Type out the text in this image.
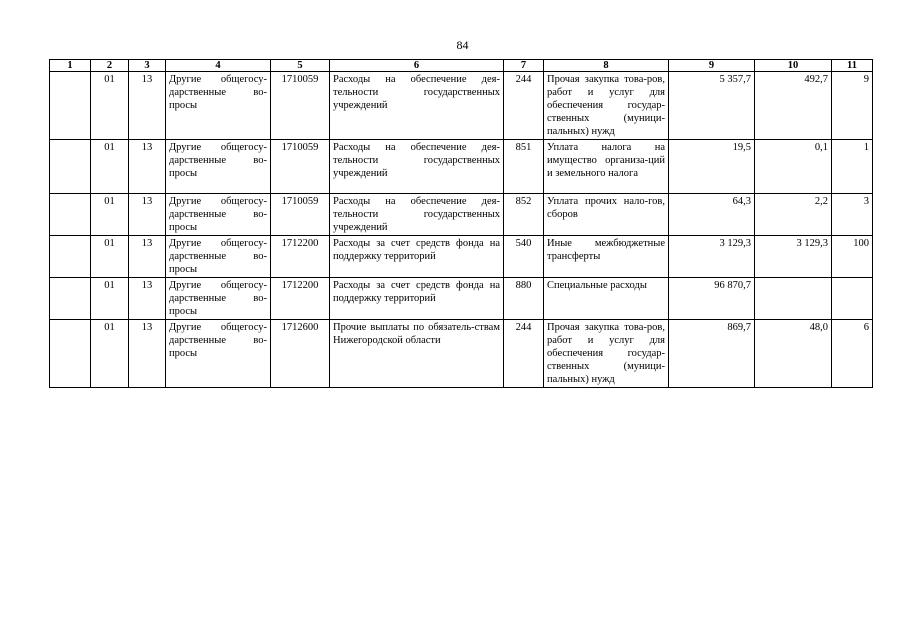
84
1	2	3	4	5	6	7	8	9	10	11
	01	13	Другие общегосу-дарственные во-просы	1710059	Расходы на обеспечение дея-тельности государственных учреждений	244	Прочая закупка това-ров, работ и услуг для обеспечения государ-ственных (муници-пальных) нужд	5 357,7	492,7	9
	01	13	Другие общегосу-дарственные во-просы	1710059	Расходы на обеспечение дея-тельности государственных учреждений	851	Уплата налога на имущество организа-ций и земельного налога	19,5	0,1	1
	01	13	Другие общегосу-дарственные во-просы	1710059	Расходы на обеспечение дея-тельности государственных учреждений	852	Уплата прочих нало-гов, сборов	64,3	2,2	3
	01	13	Другие общегосу-дарственные во-просы	1712200	Расходы за счет средств фонда на поддержку территорий	540	Иные межбюджетные трансферты	3 129,3	3 129,3	100
	01	13	Другие общегосу-дарственные во-просы	1712200	Расходы за счет средств фонда на поддержку территорий	880	Специальные расходы	96 870,7		
	01	13	Другие общегосу-дарственные во-просы	1712600	Прочие выплаты по обязатель-ствам Нижегородской области	244	Прочая закупка това-ров, работ и услуг для обеспечения государ-ственных (муници-пальных) нужд	869,7	48,0	6
